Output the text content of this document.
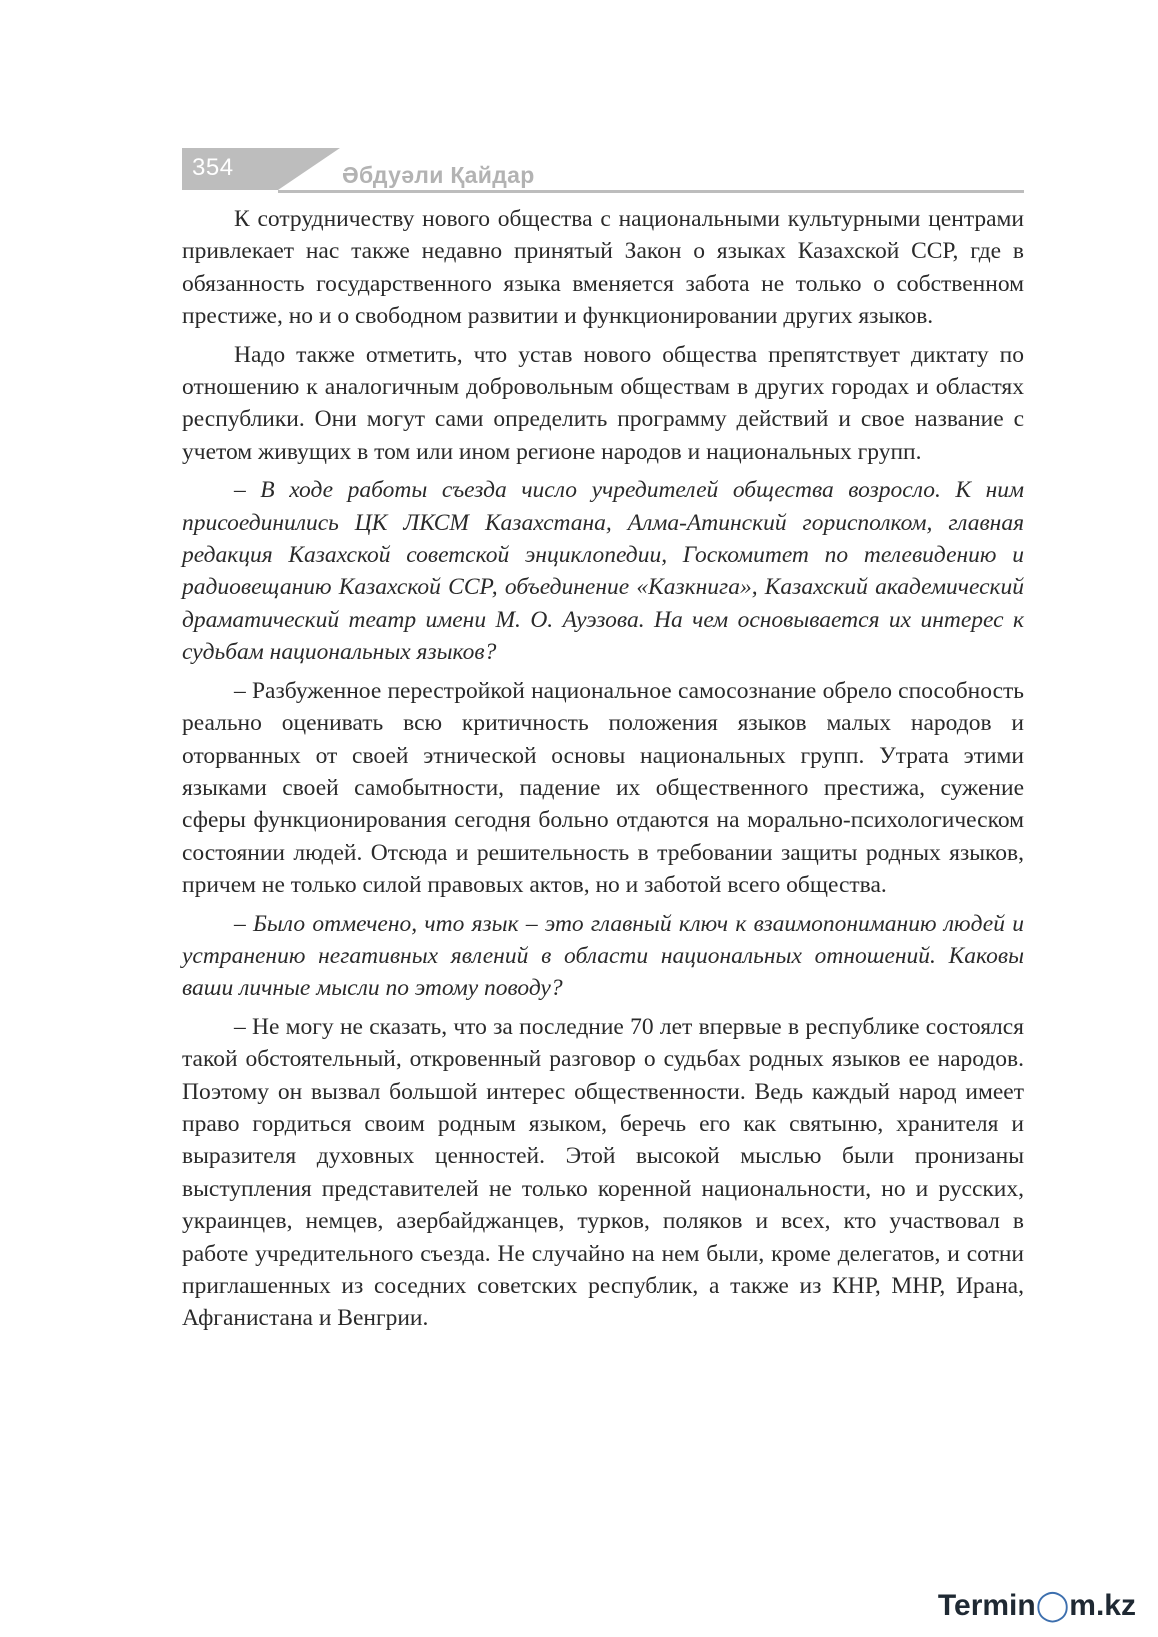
354	Әбдуәли Қайдар

К сотрудничеству нового общества с национальными культурными центрами привлекает нас также недавно принятый Закон о языках Казахской ССР, где в обязанность государственного языка вменяется забота не только о собственном престиже, но и о свободном развитии и функционировании других языков.

Надо также отметить, что устав нового общества препятствует диктату по отношению к аналогичным добровольным обществам в других городах и областях республики. Они могут сами определить программу действий и свое название с учетом живущих в том или ином регионе народов и национальных групп.

– В ходе работы съезда число учредителей общества возросло. К ним присоединились ЦК ЛКСМ Казахстана, Алма-Атинский горисполком, главная редакция Казахской советской энциклопедии, Госкомитет по телевидению и радиовещанию Казахской ССР, объединение «Казкнига», Казахский академический драматический театр имени М. О. Ауэзова. На чем основывается их интерес к судьбам национальных языков?

– Разбуженное перестройкой национальное самосознание обрело способность реально оценивать всю критичность положения языков малых народов и оторванных от своей этнической основы национальных групп. Утрата этими языками своей самобытности, падение их общественного престижа, сужение сферы функционирования сегодня больно отдаются на морально-психологическом состоянии людей. Отсюда и решительность в требовании защиты родных языков, причем не только силой правовых актов, но и заботой всего общества.

– Было отмечено, что язык – это главный ключ к взаимопониманию людей и устранению негативных явлений в области национальных отношений. Каковы ваши личные мысли по этому поводу?

– Не могу не сказать, что за последние 70 лет впервые в республике состоялся такой обстоятельный, откровенный разговор о судьбах родных языков ее народов. Поэтому он вызвал большой интерес общественности. Ведь каждый народ имеет право гордиться своим родным языком, беречь его как святыню, хранителя и выразителя духовных ценностей. Этой высокой мыслью были пронизаны выступления представителей не только коренной национальности, но и русских, украинцев, немцев, азербайджанцев, турков, поляков и всех, кто участвовал в работе учредительного съезда. Не случайно на нем были, кроме делегатов, и сотни приглашенных из соседних советских республик, а также из КНР, МНР, Ирана, Афганистана и Венгрии.

Termin◯m.kz
